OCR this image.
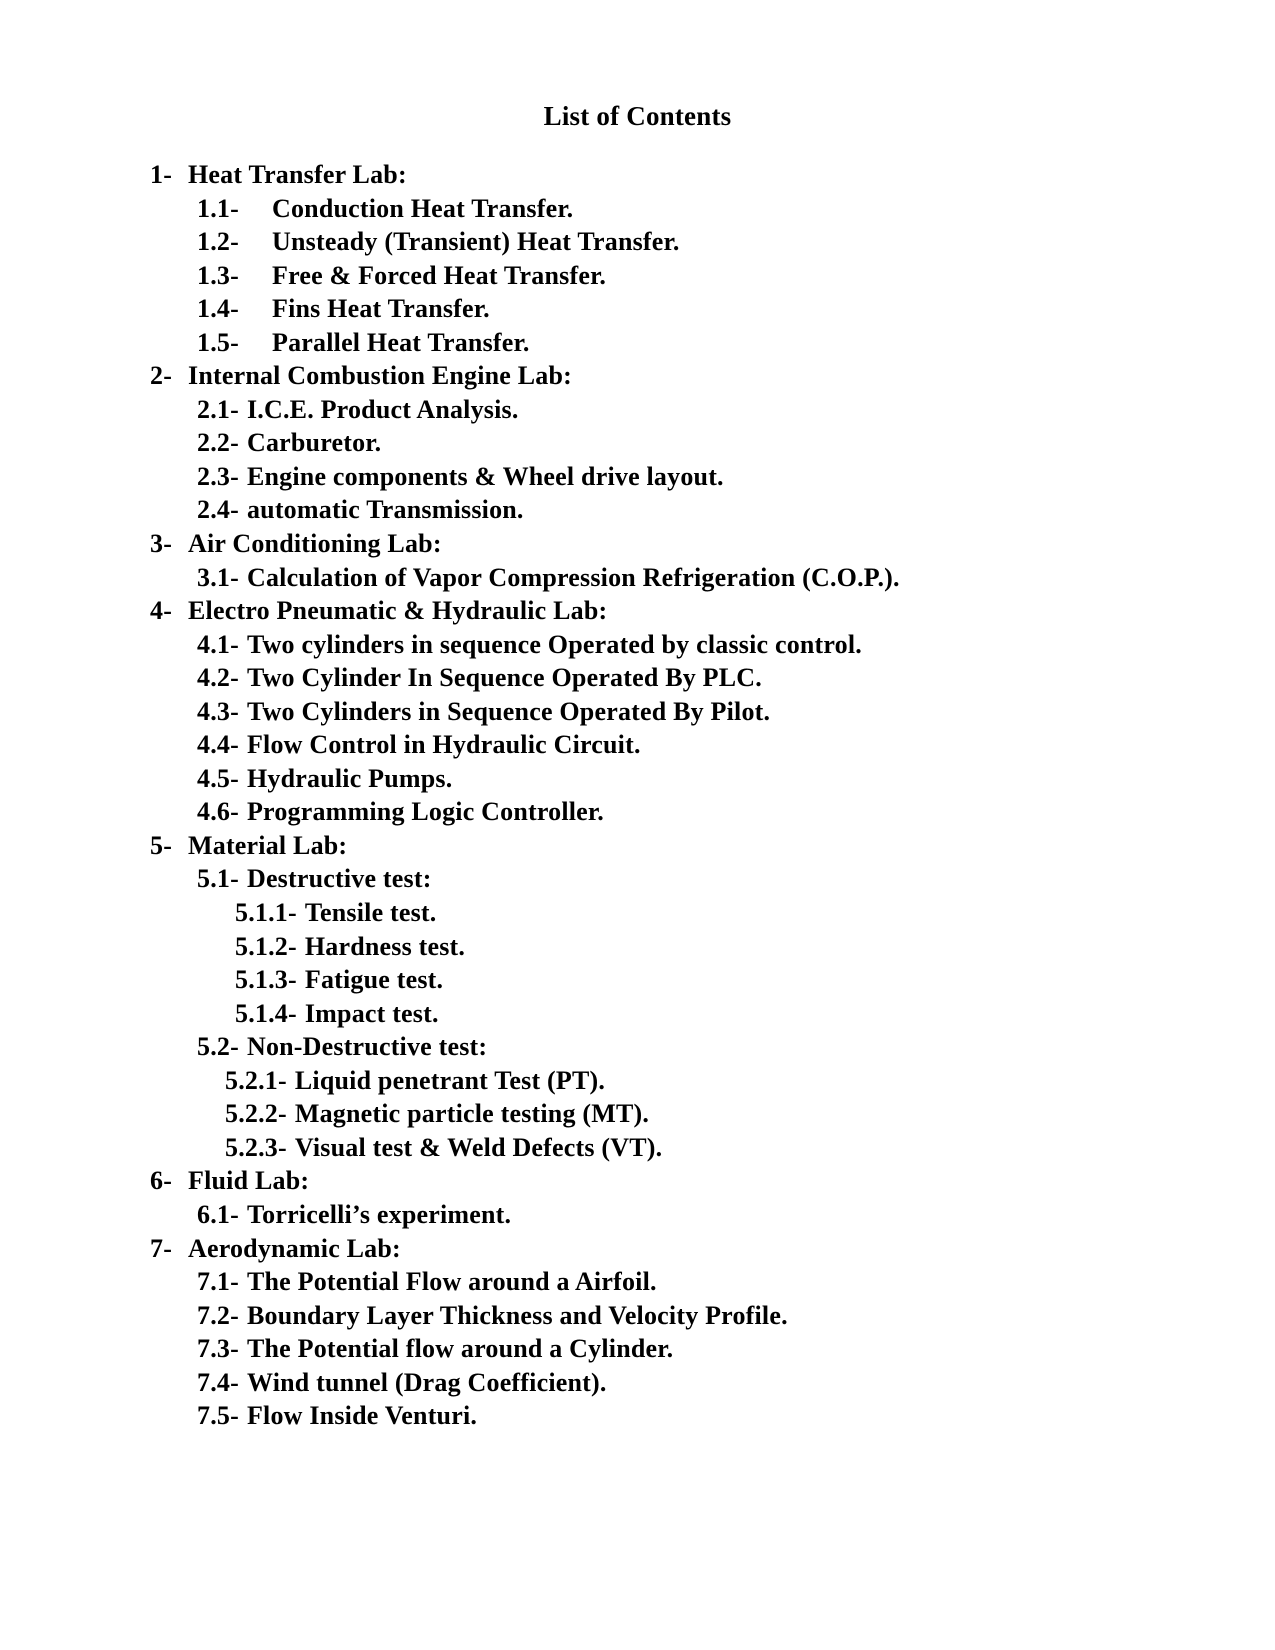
List of Contents
1- Heat Transfer Lab:
1.1- Conduction Heat Transfer.
1.2- Unsteady (Transient) Heat Transfer.
1.3- Free & Forced Heat Transfer.
1.4- Fins Heat Transfer.
1.5- Parallel Heat Transfer.
2- Internal Combustion Engine Lab:
2.1- I.C.E. Product Analysis.
2.2- Carburetor.
2.3- Engine components & Wheel drive layout.
2.4- automatic Transmission.
3- Air Conditioning Lab:
3.1- Calculation of Vapor Compression Refrigeration (C.O.P.).
4- Electro Pneumatic & Hydraulic Lab:
4.1- Two cylinders in sequence Operated by classic control.
4.2- Two Cylinder In Sequence Operated By PLC.
4.3- Two Cylinders in Sequence Operated By Pilot.
4.4- Flow Control in Hydraulic Circuit.
4.5- Hydraulic Pumps.
4.6- Programming Logic Controller.
5- Material Lab:
5.1- Destructive test:
5.1.1- Tensile test.
5.1.2- Hardness test.
5.1.3- Fatigue test.
5.1.4- Impact test.
5.2- Non-Destructive test:
5.2.1- Liquid penetrant Test (PT).
5.2.2- Magnetic particle testing (MT).
5.2.3- Visual test & Weld Defects (VT).
6- Fluid Lab:
6.1- Torricelli’s experiment.
7- Aerodynamic Lab:
7.1- The Potential Flow around a Airfoil.
7.2- Boundary Layer Thickness and Velocity Profile.
7.3- The Potential flow around a Cylinder.
7.4- Wind tunnel (Drag Coefficient).
7.5- Flow Inside Venturi.
